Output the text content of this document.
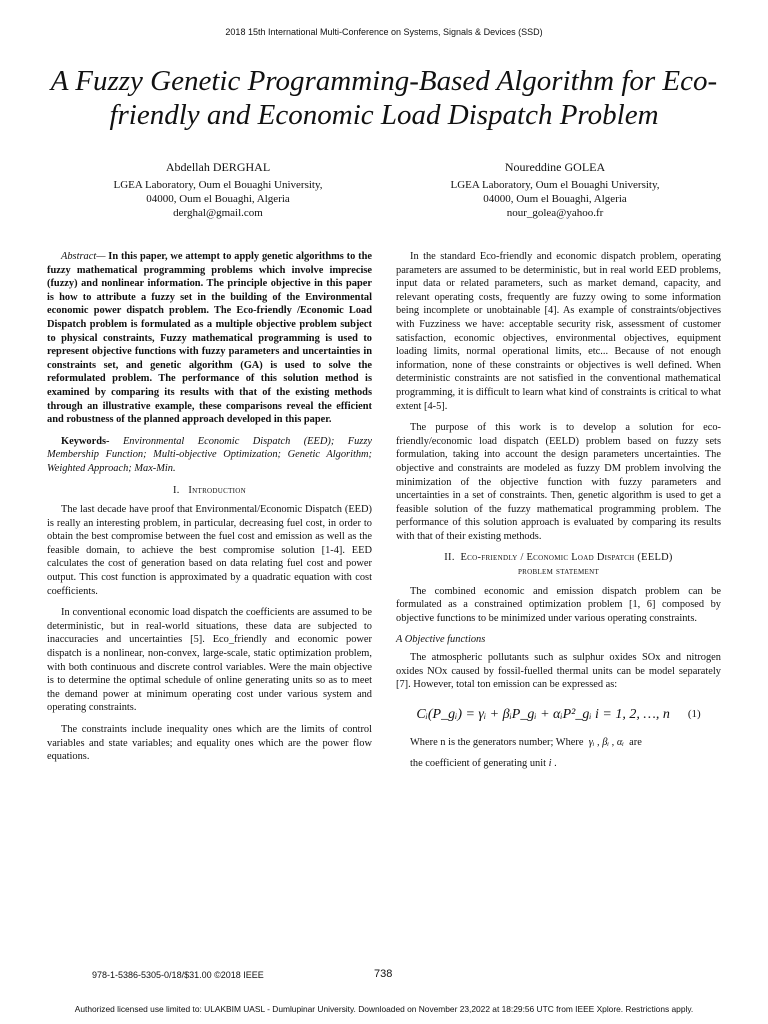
2018 15th International Multi-Conference on Systems, Signals & Devices (SSD)
A Fuzzy Genetic Programming-Based Algorithm for Eco-friendly and Economic Load Dispatch Problem
Abdellah DERGHAL
LGEA Laboratory, Oum el Bouaghi University,
04000, Oum el Bouaghi, Algeria
derghal@gmail.com
Noureddine GOLEA
LGEA Laboratory, Oum el Bouaghi University,
04000, Oum el Bouaghi, Algeria
nour_golea@yahoo.fr

Abstract— In this paper, we attempt to apply genetic algorithms to the fuzzy mathematical programming problems which involve imprecise (fuzzy) and nonlinear information. The principle objective in this paper is how to attribute a fuzzy set in the building of the Environmental economic power dispatch problem. The Eco-friendly /Economic Load Dispatch problem is formulated as a multiple objective problem subject to physical constraints, Fuzzy mathematical programming is used to represent objective functions with fuzzy parameters and uncertainties in constraints set, and genetic algorithm (GA) is used to solve the reformulated problem. The performance of this solution method is examined by comparing its results with that of the existing methods through an illustrative example, these comparisons reveal the efficient and robustness of the planned approach developed in this paper.

Keywords- Environmental Economic Dispatch (EED); Fuzzy Membership Function; Multi-objective Optimization; Genetic Algorithm; Weighted Approach; Max-Min.

I. Introduction

The last decade have proof that Environmental/Economic Dispatch (EED) is really an interesting problem, in particular, decreasing fuel cost, in order to obtain the best compromise between the fuel cost and emission as well as the feasible domain, to achieve the best compromise solution [1-4]. EED calculates the cost of generation based on data relating fuel cost and power output. This cost function is approximated by a quadratic equation with cost coefficients.

In conventional economic load dispatch the coefficients are assumed to be deterministic, but in real-world situations, these data are subjected to inaccuracies and uncertainties [5]. Eco_friendly and economic power dispatch is a nonlinear, non-convex, large-scale, static optimization problem, with both continuous and discrete control variables. Were the main objective is to determine the optimal schedule of online generating units so as to meet the demand power at minimum operating cost under various system and operating constraints.

The constraints include inequality ones which are the limits of control variables and state variables; and equality ones which are the power flow equations.

In the standard Eco-friendly and economic dispatch problem, operating parameters are assumed to be deterministic, but in real world EED problems, input data or related parameters, such as market demand, capacity, and relevant operating costs, frequently are fuzzy owing to some information being incomplete or unobtainable [4]. As example of constraints/objectives with Fuzziness we have: acceptable security risk, assessment of customer satisfaction, economic objectives, environmental objectives, equipment loading limits, normal operational limits, etc... Because of not enough information, none of these constraints or objectives is well defined. When deterministic constraints are not satisfied in the conventional mathematical programming, it is difficult to learn what kind of constraints is critical to what extent [4-5].

The purpose of this work is to develop a solution for eco-friendly/economic load dispatch (EELD) problem based on fuzzy sets formulation, taking into account the design parameters uncertainties. The objective and constraints are modeled as fuzzy DM problem involving the minimization of the objective function with fuzzy parameters and uncertainties in a set of constraints. Then, genetic algorithm is used to get a feasible solution of the fuzzy mathematical programming problem. The performance of this solution approach is evaluated by comparing its results with that of their existing methods.

II. Eco-friendly / Economic Load Dispatch (EELD)
problem statement

The combined economic and emission dispatch problem can be formulated as a constrained optimization problem [1, 6] composed by objective functions to be minimized under various operating constraints.

A Objective functions

The atmospheric pollutants such as sulphur oxides SOx and nitrogen oxides NOx caused by fossil-fuelled thermal units can be model separately [7]. However, total ton emission can be expressed as:

Cᵢ(P_gᵢ) = γᵢ + βᵢP_gᵢ + αᵢP²_gᵢ i = 1, 2, …, n (1)

Where n is the generators number; Where γᵢ , βᵢ , αᵢ are

the coefficient of generating unit i .

978-1-5386-5305-0/18/$31.00 ©2018 IEEE	738
Authorized licensed use limited to: ULAKBIM UASL - Dumlupinar University. Downloaded on November 23,2022 at 18:29:56 UTC from IEEE Xplore. Restrictions apply.
